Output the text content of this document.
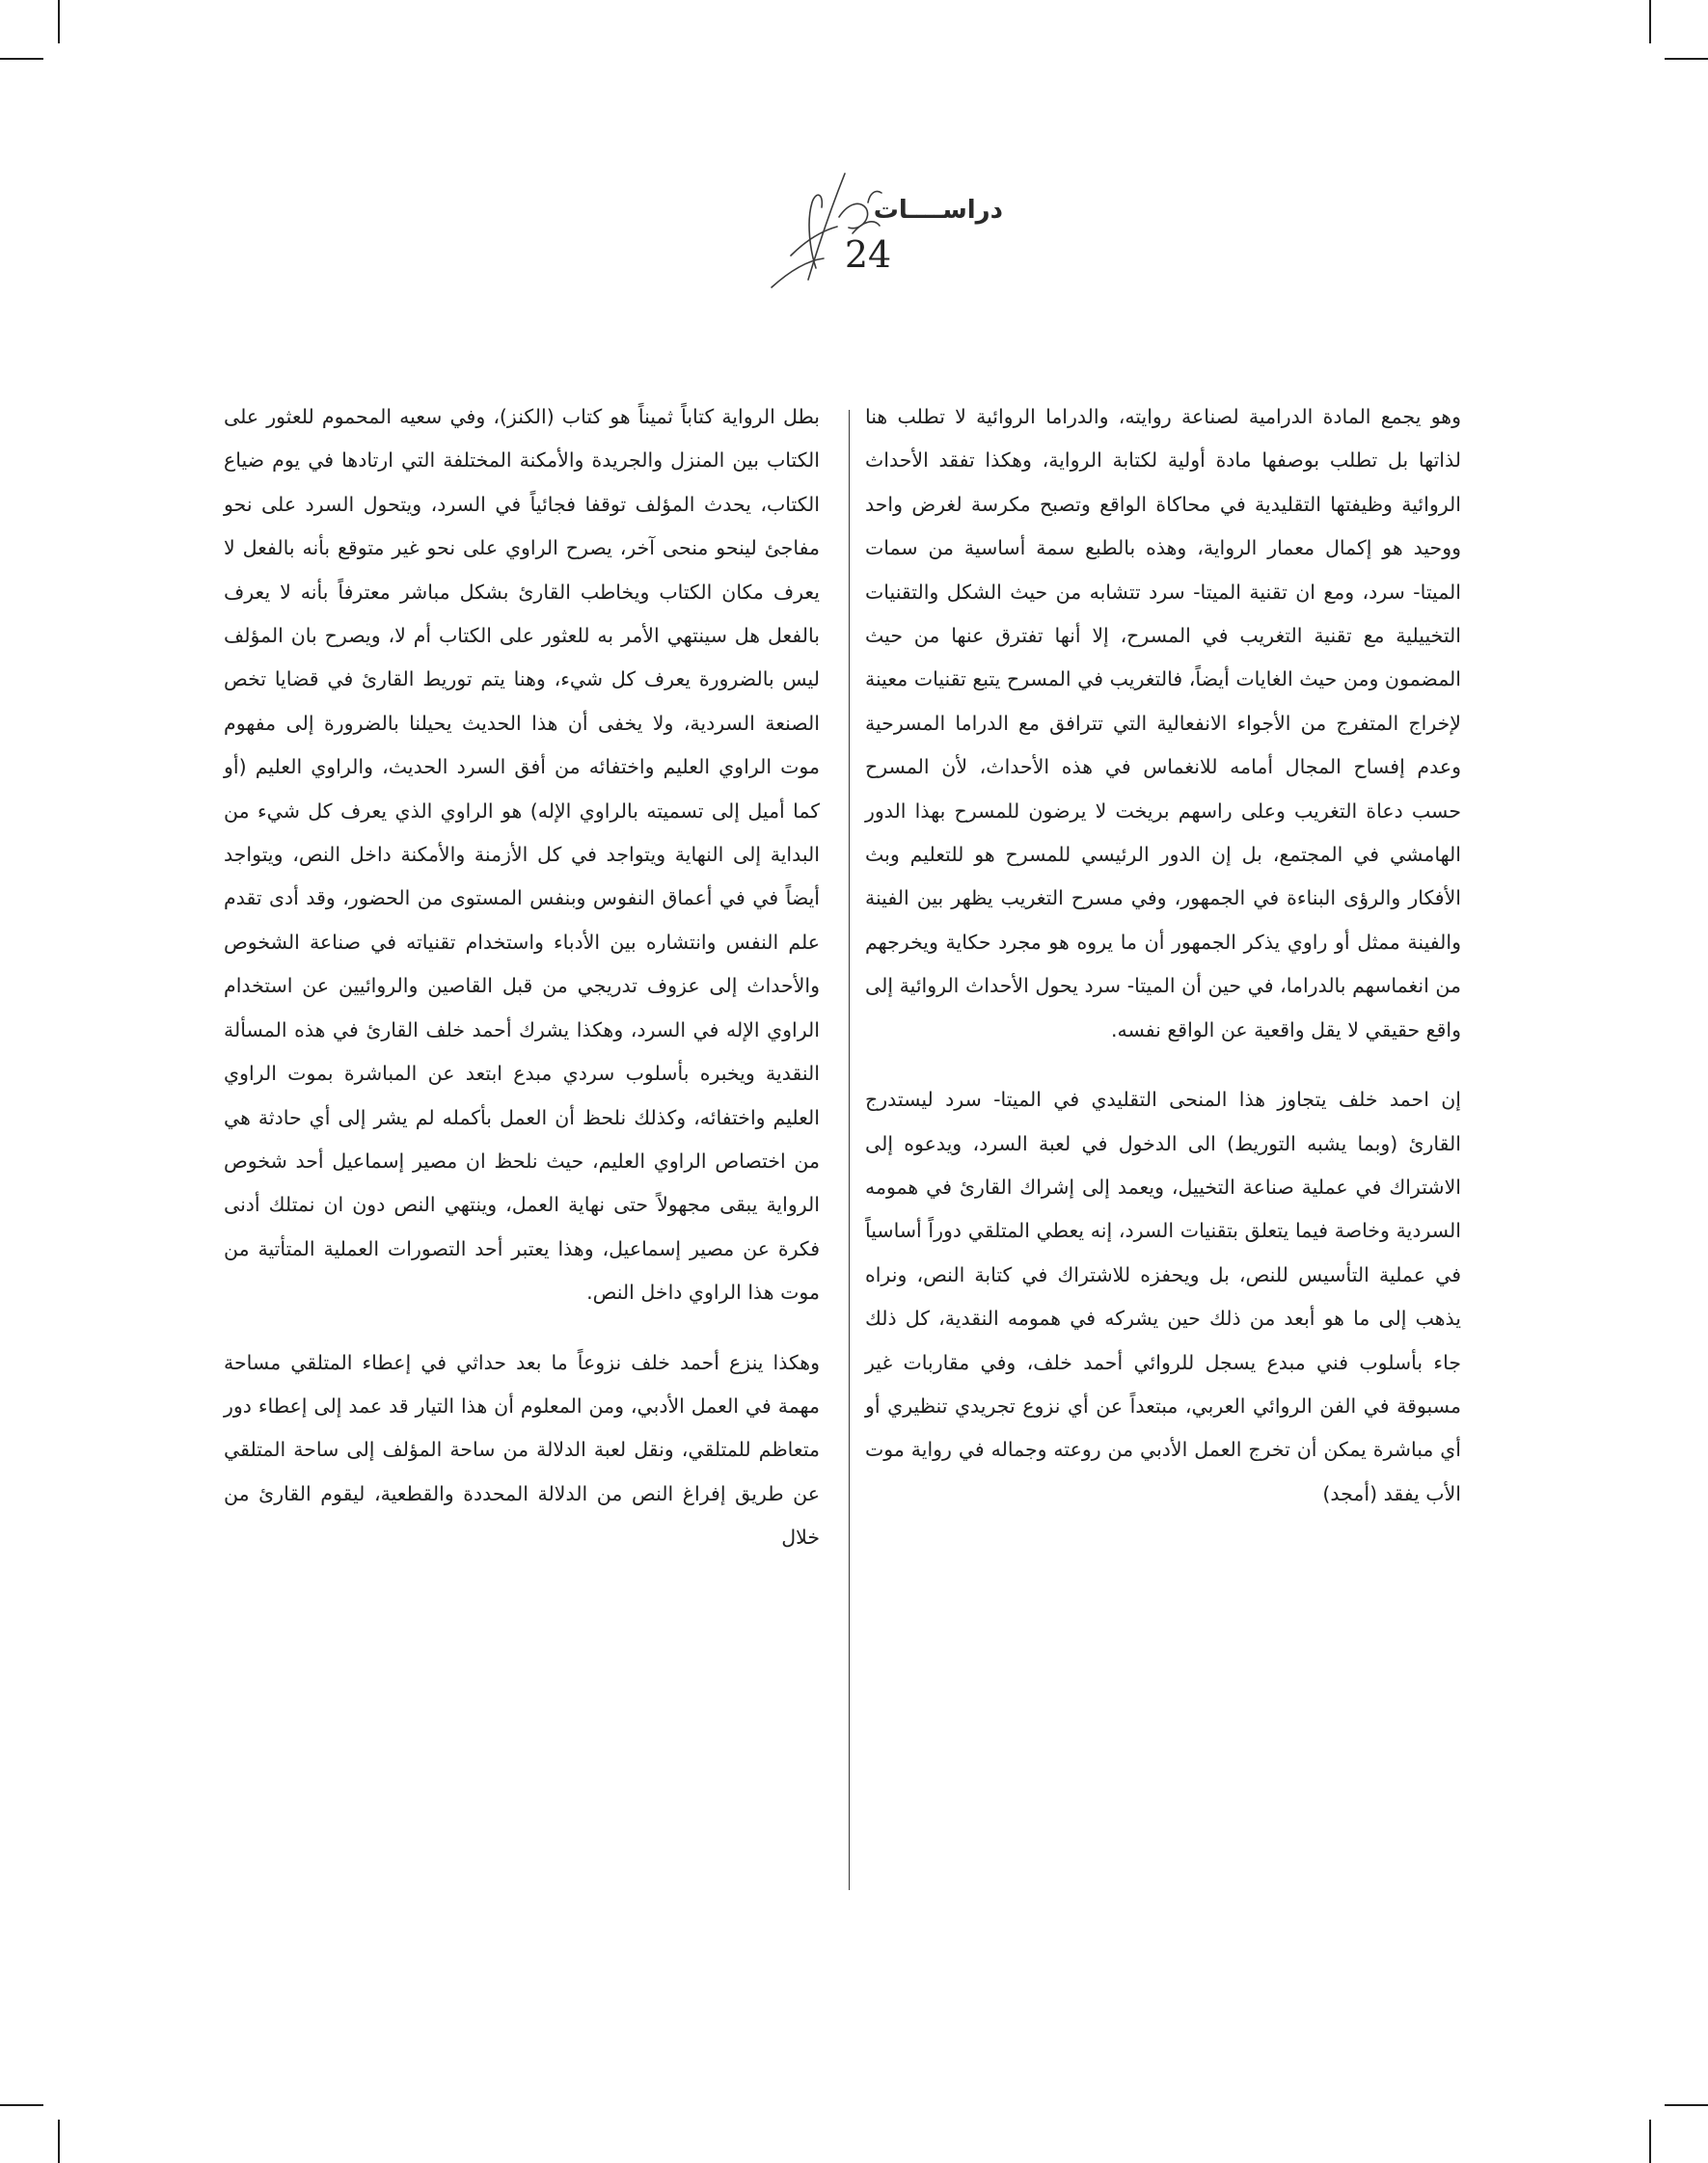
دراســــات
24

وهو يجمع المادة الدرامية لصناعة روايته، والدراما الروائية لا تطلب هنا لذاتها بل تطلب بوصفها مادة أولية لكتابة الرواية، وهكذا تفقد الأحداث الروائية وظيفتها التقليدية في محاكاة الواقع وتصبح مكرسة لغرض واحد ووحيد هو إكمال معمار الرواية، وهذه بالطبع سمة أساسية من سمات الميتا- سرد، ومع ان تقنية الميتا- سرد تتشابه من حيث الشكل والتقنيات التخييلية مع تقنية التغريب في المسرح، إلا أنها تفترق عنها من حيث المضمون ومن حيث الغايات أيضاً، فالتغريب في المسرح يتبع تقنيات معينة لإخراج المتفرج من الأجواء الانفعالية التي تترافق مع الدراما المسرحية وعدم إفساح المجال أمامه للانغماس في هذه الأحداث، لأن المسرح حسب دعاة التغريب وعلى راسهم بريخت لا يرضون للمسرح بهذا الدور الهامشي في المجتمع، بل إن الدور الرئيسي للمسرح هو للتعليم وبث الأفكار والرؤى البناءة في الجمهور، وفي مسرح التغريب يظهر بين الفينة والفينة ممثل أو راوي يذكر الجمهور أن ما يروه هو مجرد حكاية ويخرجهم من انغماسهم بالدراما، في حين أن الميتا- سرد يحول الأحداث الروائية إلى واقع حقيقي لا يقل واقعية عن الواقع نفسه.

إن احمد خلف يتجاوز هذا المنحى التقليدي في الميتا- سرد ليستدرج القارئ (وبما يشبه التوريط) الى الدخول في لعبة السرد، ويدعوه إلى الاشتراك في عملية صناعة التخييل، ويعمد إلى إشراك القارئ في همومه السردية وخاصة فيما يتعلق بتقنيات السرد، إنه يعطي المتلقي دوراً أساسياً في عملية التأسيس للنص، بل ويحفزه للاشتراك في كتابة النص، ونراه يذهب إلى ما هو أبعد من ذلك حين يشركه في همومه النقدية، كل ذلك جاء بأسلوب فني مبدع يسجل للروائي أحمد خلف، وفي مقاربات غير مسبوقة في الفن الروائي العربي، مبتعداً عن أي نزوع تجريدي تنظيري أو أي مباشرة يمكن أن تخرج العمل الأدبي من روعته وجماله في رواية موت الأب يفقد (أمجد)

بطل الرواية كتاباً ثميناً هو كتاب (الكنز)، وفي سعيه المحموم للعثور على الكتاب بين المنزل والجريدة والأمكنة المختلفة التي ارتادها في يوم ضياع الكتاب، يحدث المؤلف توقفا فجائياً في السرد، ويتحول السرد على نحو مفاجئ لينحو منحى آخر، يصرح الراوي على نحو غير متوقع بأنه بالفعل لا يعرف مكان الكتاب ويخاطب القارئ بشكل مباشر معترفاً بأنه لا يعرف بالفعل هل سينتهي الأمر به للعثور على الكتاب أم لا، ويصرح بان المؤلف ليس بالضرورة يعرف كل شيء، وهنا يتم توريط القارئ في قضايا تخص الصنعة السردية، ولا يخفى أن هذا الحديث يحيلنا بالضرورة إلى مفهوم موت الراوي العليم واختفائه من أفق السرد الحديث، والراوي العليم (أو كما أميل إلى تسميته بالراوي الإله) هو الراوي الذي يعرف كل شيء من البداية إلى النهاية ويتواجد في كل الأزمنة والأمكنة داخل النص، ويتواجد أيضاً في في أعماق النفوس وبنفس المستوى من الحضور، وقد أدى تقدم علم النفس وانتشاره بين الأدباء واستخدام تقنياته في صناعة الشخوص والأحداث إلى عزوف تدريجي من قبل القاصين والروائيين عن استخدام الراوي الإله في السرد، وهكذا يشرك أحمد خلف القارئ في هذه المسألة النقدية ويخبره بأسلوب سردي مبدع ابتعد عن المباشرة بموت الراوي العليم واختفائه، وكذلك نلحظ أن العمل بأكمله لم يشر إلى أي حادثة هي من اختصاص الراوي العليم، حيث نلحظ ان مصير إسماعيل أحد شخوص الرواية يبقى مجهولاً حتى نهاية العمل، وينتهي النص دون ان نمتلك أدنى فكرة عن مصير إسماعيل، وهذا يعتبر أحد التصورات العملية المتأتية من موت هذا الراوي داخل النص.

وهكذا ينزع أحمد خلف نزوعاً ما بعد حداثي في إعطاء المتلقي مساحة مهمة في العمل الأدبي، ومن المعلوم أن هذا التيار قد عمد إلى إعطاء دور متعاظم للمتلقي، ونقل لعبة الدلالة من ساحة المؤلف إلى ساحة المتلقي عن طريق إفراغ النص من الدلالة المحددة والقطعية، ليقوم القارئ من خلال
